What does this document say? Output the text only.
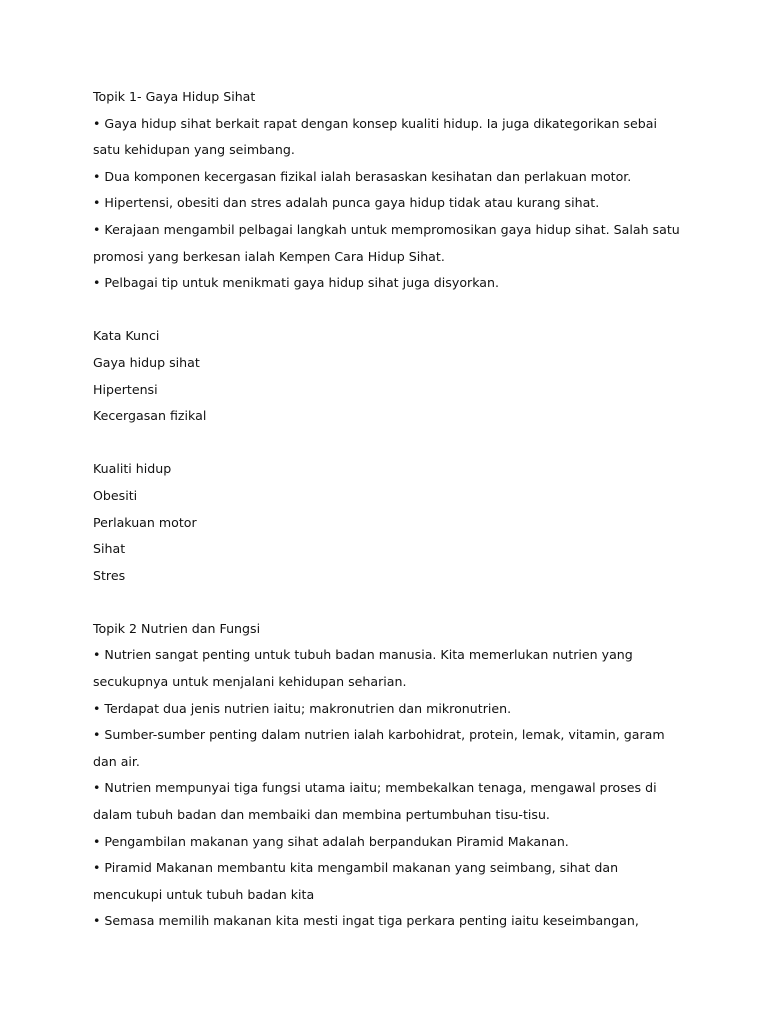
Topik 1- Gaya Hidup Sihat
• Gaya hidup sihat berkait rapat dengan konsep kualiti hidup. Ia juga dikategorikan sebai
satu kehidupan yang seimbang.
• Dua komponen kecergasan fizikal ialah berasaskan kesihatan dan perlakuan motor.
• Hipertensi, obesiti dan stres adalah punca gaya hidup tidak atau kurang sihat.
• Kerajaan mengambil pelbagai langkah untuk mempromosikan gaya hidup sihat. Salah satu
promosi yang berkesan ialah Kempen Cara Hidup Sihat.
• Pelbagai tip untuk menikmati gaya hidup sihat juga disyorkan.
Kata Kunci
Gaya hidup sihat
Hipertensi
Kecergasan fizikal
Kualiti hidup
Obesiti
Perlakuan motor
Sihat
Stres
Topik 2 Nutrien dan Fungsi
• Nutrien sangat penting untuk tubuh badan manusia. Kita memerlukan nutrien yang
secukupnya untuk menjalani kehidupan seharian.
• Terdapat dua jenis nutrien iaitu; makronutrien dan mikronutrien.
• Sumber-sumber penting dalam nutrien ialah karbohidrat, protein, lemak, vitamin, garam
dan air.
• Nutrien mempunyai tiga fungsi utama iaitu; membekalkan tenaga, mengawal proses di
dalam tubuh badan dan membaiki dan membina pertumbuhan tisu-tisu.
• Pengambilan makanan yang sihat adalah berpandukan Piramid Makanan.
• Piramid Makanan membantu kita mengambil makanan yang seimbang, sihat dan
mencukupi untuk tubuh badan kita
• Semasa memilih makanan kita mesti ingat tiga perkara penting iaitu keseimbangan,
